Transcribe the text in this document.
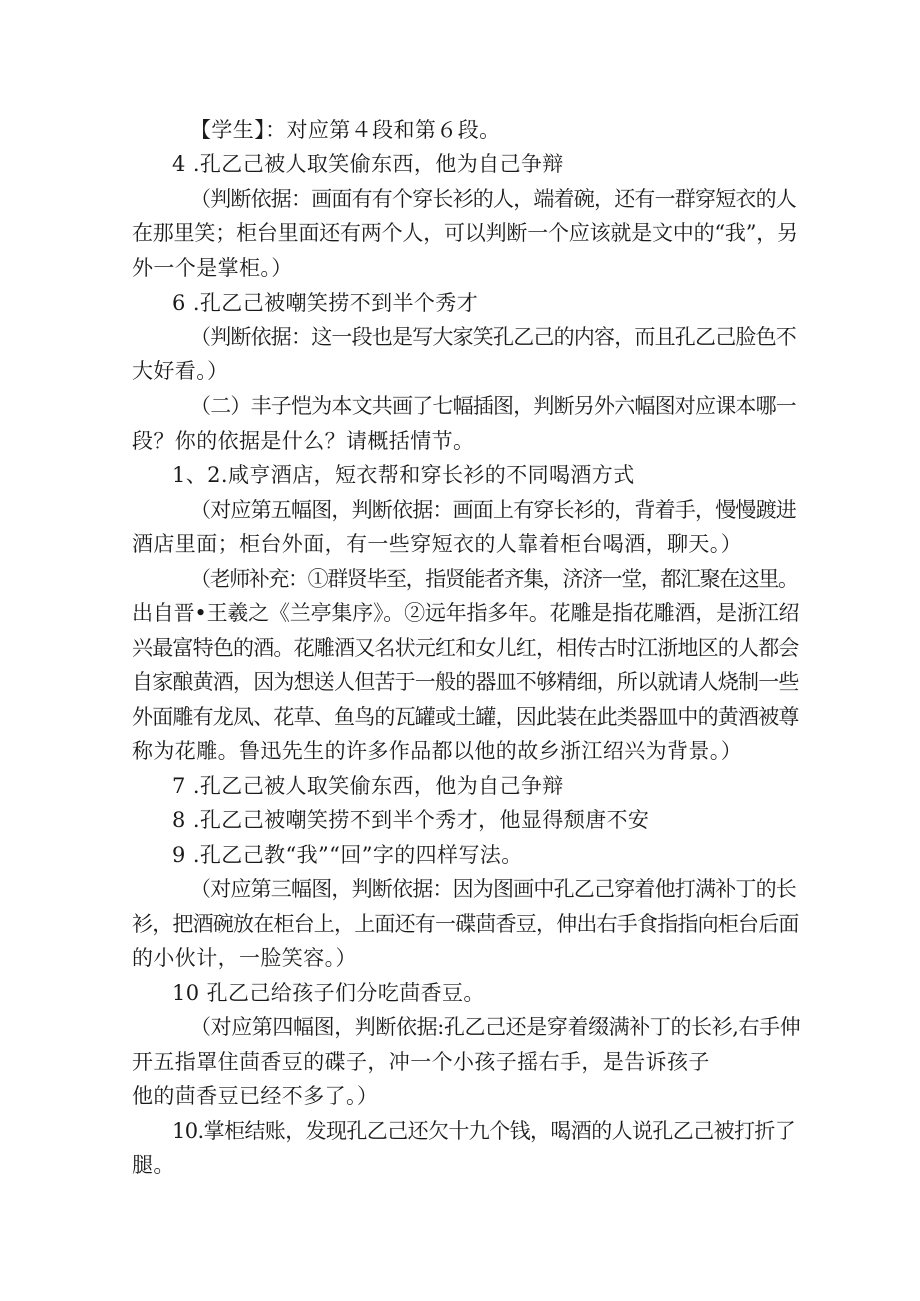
【学生】：对应第４段和第６段。
4 .孔乙己被人取笑偷东西，他为自己争辩
（判断依据：画面有有个穿长衫的人，端着碗，还有一群穿短衣的人
在那里笑；柜台里面还有两个人，可以判断一个应该就是文中的“我”，另
外一个是掌柜。）
6 .孔乙己被嘲笑捞不到半个秀才
（判断依据：这一段也是写大家笑孔乙己的内容，而且孔乙己脸色不
大好看。）
（二）丰子恺为本文共画了七幅插图，判断另外六幅图对应课本哪一
段？你的依据是什么？请概括情节。
1、2.咸亨酒店，短衣帮和穿长衫的不同喝酒方式
（对应第五幅图，判断依据：画面上有穿长衫的，背着手，慢慢踱进
酒店里面；柜台外面，有一些穿短衣的人靠着柜台喝酒，聊天。）
（老师补充：①群贤毕至，指贤能者齐集，济济一堂，都汇聚在这里。
出自晋•王羲之《兰亭集序》。②远年指多年。花雕是指花雕酒，是浙江绍
兴最富特色的酒。花雕酒又名状元红和女儿红，相传古时江浙地区的人都会
自家酿黄酒，因为想送人但苦于一般的器皿不够精细，所以就请人烧制一些
外面雕有龙凤、花草、鱼鸟的瓦罐或土罐，因此装在此类器皿中的黄酒被尊
称为花雕。鲁迅先生的许多作品都以他的故乡浙江绍兴为背景。）
7 .孔乙己被人取笑偷东西，他为自己争辩
8 .孔乙己被嘲笑捞不到半个秀才，他显得颓唐不安
9 .孔乙己教“我”“回”字的四样写法。
（对应第三幅图，判断依据：因为图画中孔乙己穿着他打满补丁的长
衫，把酒碗放在柜台上，上面还有一碟茴香豆，伸出右手食指指向柜台后面
的小伙计，一脸笑容。）
10 孔乙己给孩子们分吃茴香豆。
（对应第四幅图，判断依据:孔乙己还是穿着缀满补丁的长衫,右手伸
开五指罩住茴香豆的碟子，冲一个小孩子摇右手，是告诉孩子
他的茴香豆已经不多了。）
10.掌柜结账，发现孔乙己还欠十九个钱，喝酒的人说孔乙己被打折了
腿。
